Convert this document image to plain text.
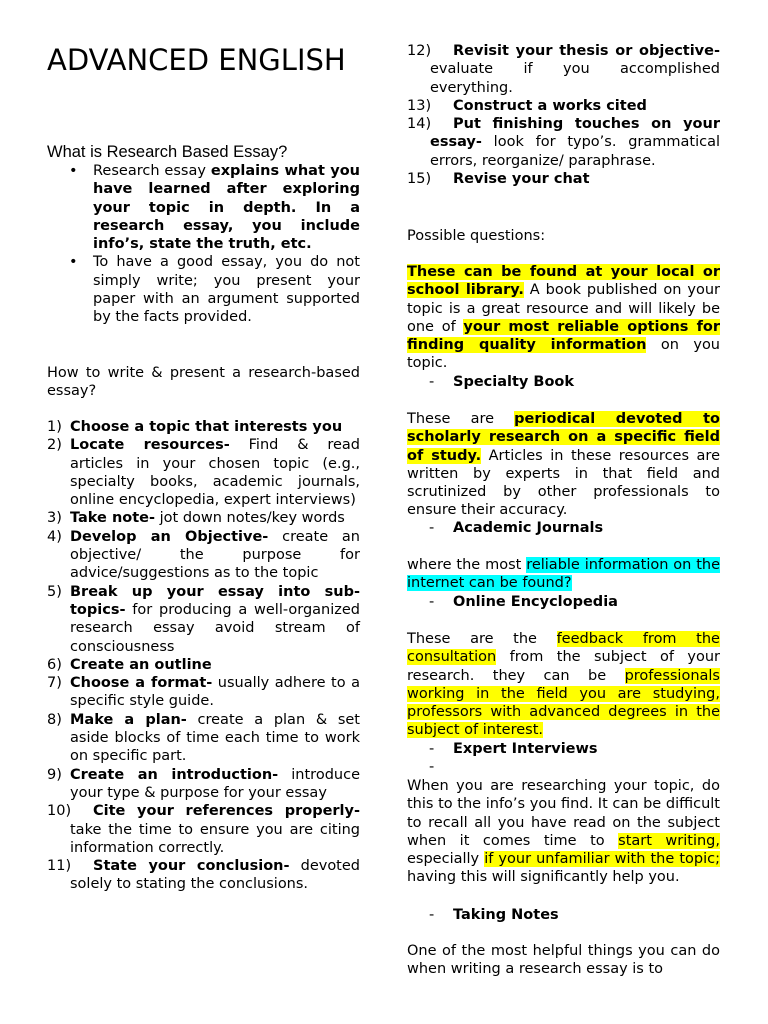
ADVANCED ENGLISH
What is Research Based Essay?
• Research essay explains what you have learned after exploring your topic in depth. In a research essay, you include info’s, state the truth, etc.
• To have a good essay, you do not simply write; you present your paper with an argument supported by the facts provided.
How to write & present a research-based essay?
1) Choose a topic that interests you
2) Locate resources- Find & read articles in your chosen topic (e.g., specialty books, academic journals, online encyclopedia, expert interviews)
3) Take note- jot down notes/key words
4) Develop an Objective- create an objective/ the purpose for advice/suggestions as to the topic
5) Break up your essay into sub-topics- for producing a well-organized research essay avoid stream of consciousness
6) Create an outline
7) Choose a format- usually adhere to a specific style guide.
8) Make a plan- create a plan & set aside blocks of time each time to work on specific part.
9) Create an introduction- introduce your type & purpose for your essay
10) Cite your references properly- take the time to ensure you are citing information correctly.
11) State your conclusion- devoted solely to stating the conclusions.
12) Revisit your thesis or objective- evaluate if you accomplished everything.
13) Construct a works cited
14) Put finishing touches on your essay- look for typo’s. grammatical errors, reorganize/ paraphrase.
15) Revise your chat
Possible questions:
These can be found at your local or school library. A book published on your topic is a great resource and will likely be one of your most reliable options for finding quality information on you topic.
- Specialty Book
These are periodical devoted to scholarly research on a specific field of study. Articles in these resources are written by experts in that field and scrutinized by other professionals to ensure their accuracy.
- Academic Journals
where the most reliable information on the internet can be found?
- Online Encyclopedia
These are the feedback from the consultation from the subject of your research. they can be professionals working in the field you are studying, professors with advanced degrees in the subject of interest.
- Expert Interviews
-
When you are researching your topic, do this to the info’s you find. It can be difficult to recall all you have read on the subject when it comes time to start writing, especially if your unfamiliar with the topic; having this will significantly help you.
- Taking Notes
One of the most helpful things you can do when writing a research essay is to
